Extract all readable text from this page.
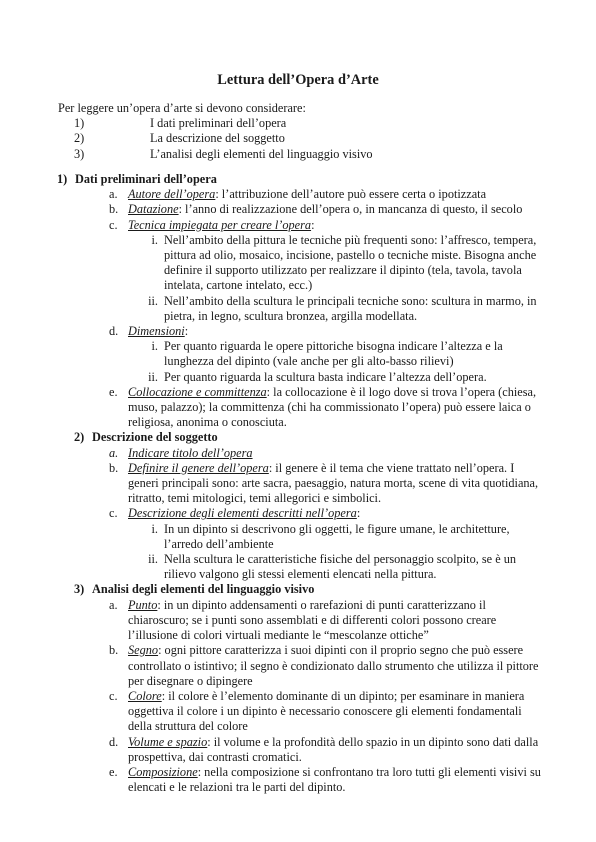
Lettura dell’Opera d’Arte
Per leggere un’opera d’arte si devono considerare:
1)	I dati preliminari dell’opera
2)	La descrizione del soggetto
3)	L’analisi degli elementi del linguaggio visivo
1) Dati preliminari dell’opera
a. Autore dell’opera: l’attribuzione dell’autore può essere certa o ipotizzata
b. Datazione: l’anno di realizzazione dell’opera o, in mancanza di questo, il secolo
c. Tecnica impiegata per creare l’opera:
i. Nell’ambito della pittura le tecniche più frequenti sono: l’affresco, tempera, pittura ad olio, mosaico, incisione, pastello o tecniche miste. Bisogna anche definire il supporto utilizzato per realizzare il dipinto (tela, tavola, tavola intelata, cartone intelato, ecc.)
ii. Nell’ambito della scultura le principali tecniche sono: scultura in marmo, in pietra, in legno, scultura bronzea, argilla modellata.
d. Dimensioni:
i. Per quanto riguarda le opere pittoriche bisogna indicare l’altezza e la lunghezza del dipinto (vale anche per gli alto-basso rilievi)
ii. Per quanto riguarda la scultura basta indicare l’altezza dell’opera.
e. Collocazione e committenza: la collocazione è il logo dove si trova l’opera (chiesa, muso, palazzo); la committenza (chi ha commissionato l’opera) può essere laica o religiosa, anonima o conosciuta.
2) Descrizione del soggetto
a. Indicare titolo dell’opera
b. Definire il genere dell’opera: il genere è il tema che viene trattato nell’opera. I generi principali sono: arte sacra, paesaggio, natura morta, scene di vita quotidiana, ritratto, temi mitologici, temi allegorici e simbolici.
c. Descrizione degli elementi descritti nell’opera:
i. In un dipinto si descrivono gli oggetti, le figure umane, le architetture, l’arredo dell’ambiente
ii. Nella scultura le caratteristiche fisiche del personaggio scolpito, se è un rilievo valgono gli stessi elementi elencati nella pittura.
3) Analisi degli elementi del linguaggio visivo
a. Punto: in un dipinto addensamenti o rarefazioni di punti caratterizzano il chiaroscuro; se i punti sono assemblati e di differenti colori possono creare l’illusione di colori virtuali mediante le “mescolanze ottiche”
b. Segno: ogni pittore caratterizza i suoi dipinti con il proprio segno che può essere controllato o istintivo; il segno è condizionato dallo strumento che utilizza il pittore per disegnare o dipingere
c. Colore: il colore è l’elemento dominante di un dipinto; per esaminare in maniera oggettiva il colore i un dipinto è necessario conoscere gli elementi fondamentali della struttura del colore
d. Volume e spazio: il volume e la profondità dello spazio in un dipinto sono dati dalla prospettiva, dai contrasti cromatici.
e. Composizione: nella composizione si confrontano tra loro tutti gli elementi visivi su elencati e le relazioni tra le parti del dipinto.
